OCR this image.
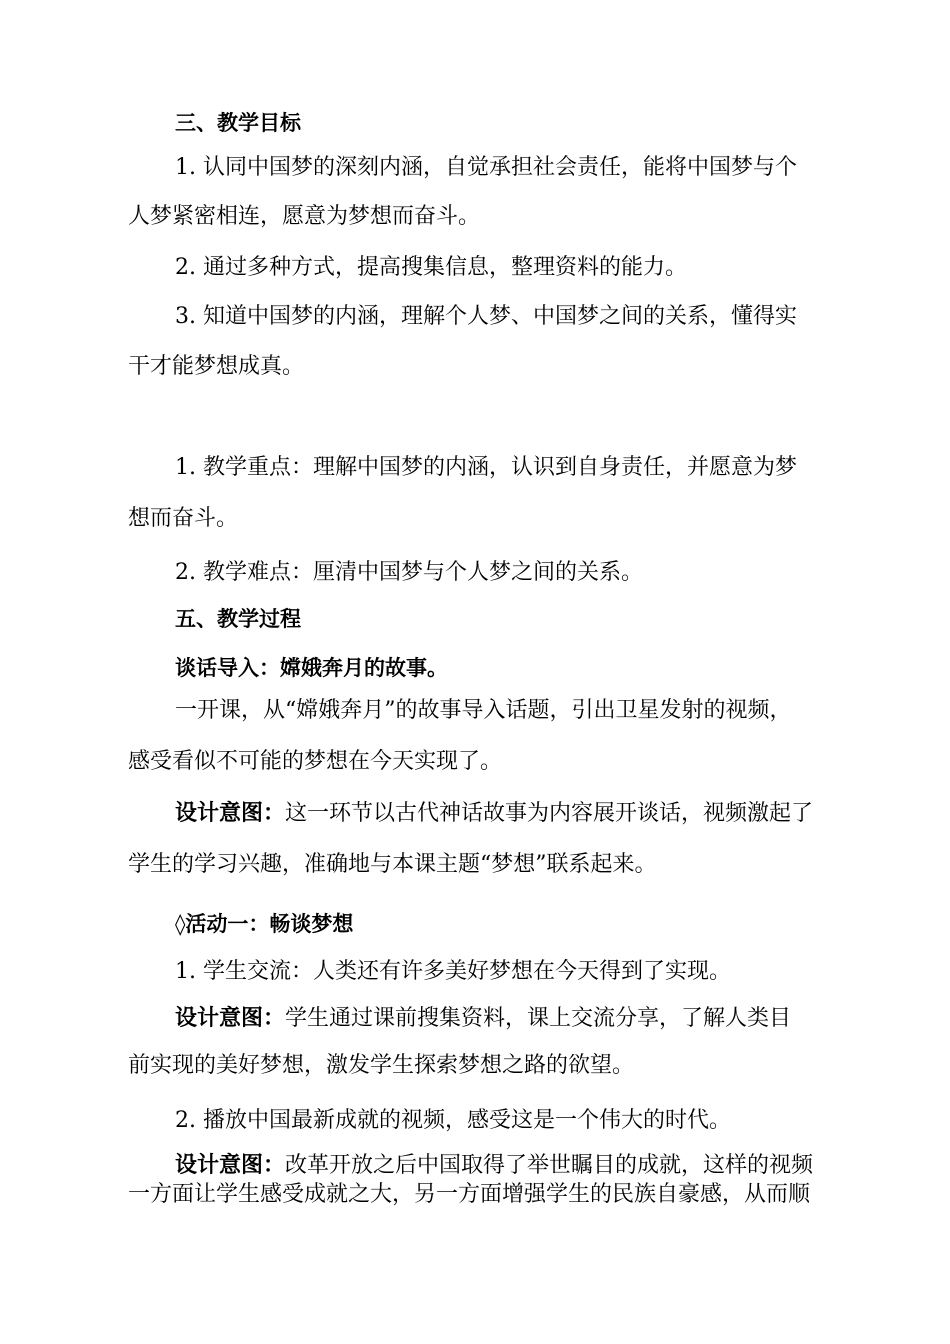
三、教学目标
1. 认同中国梦的深刻内涵，自觉承担社会责任，能将中国梦与个
人梦紧密相连，愿意为梦想而奋斗。
2. 通过多种方式，提高搜集信息，整理资料的能力。
3. 知道中国梦的内涵，理解个人梦、中国梦之间的关系，懂得实
干才能梦想成真。
1. 教学重点：理解中国梦的内涵，认识到自身责任，并愿意为梦
想而奋斗。
2. 教学难点：厘清中国梦与个人梦之间的关系。
五、教学过程
谈话导入：嫦娥奔月的故事。
一开课，从“嫦娥奔月”的故事导入话题，引出卫星发射的视频，
感受看似不可能的梦想在今天实现了。
设计意图：这一环节以古代神话故事为内容展开谈话，视频激起了
学生的学习兴趣，准确地与本课主题“梦想”联系起来。
◊活动一：畅谈梦想
1. 学生交流：人类还有许多美好梦想在今天得到了实现。
设计意图：学生通过课前搜集资料，课上交流分享，了解人类目
前实现的美好梦想，激发学生探索梦想之路的欲望。
2. 播放中国最新成就的视频，感受这是一个伟大的时代。
设计意图：改革开放之后中国取得了举世瞩目的成就，这样的视频
一方面让学生感受成就之大，另一方面增强学生的民族自豪感，从而顺
